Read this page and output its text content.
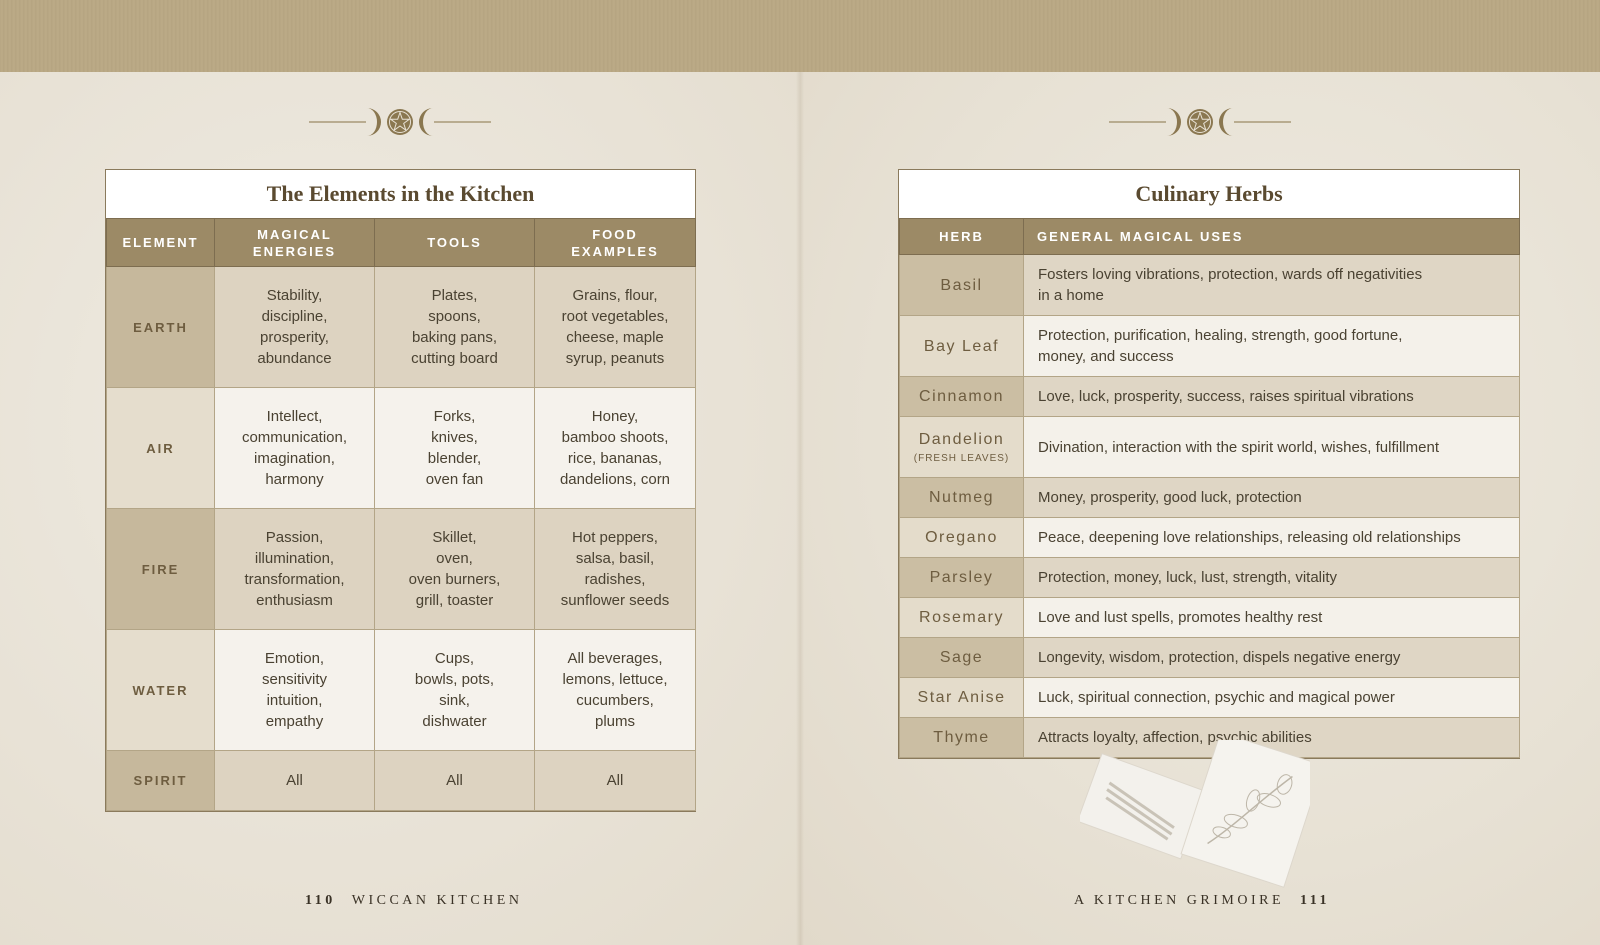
The Elements in the Kitchen
ELEMENT	MAGICAL
ENERGIES	TOOLS	FOOD
EXAMPLES
EARTH	Stability,
discipline,
prosperity,
abundance	Plates,
spoons,
baking pans,
cutting board	Grains, flour,
root vegetables,
cheese, maple
syrup, peanuts
AIR	Intellect,
communication,
imagination,
harmony	Forks,
knives,
blender,
oven fan	Honey,
bamboo shoots,
rice, bananas,
dandelions, corn
FIRE	Passion,
illumination,
transformation,
enthusiasm	Skillet,
oven,
oven burners,
grill, toaster	Hot peppers,
salsa, basil,
radishes,
sunflower seeds
WATER	Emotion,
sensitivity
intuition,
empathy	Cups,
bowls, pots,
sink,
dishwater	All beverages,
lemons, lettuce,
cucumbers,
plums
SPIRIT	All	All	All
Culinary Herbs
HERB	GENERAL MAGICAL USES
Basil	Fosters loving vibrations, protection, wards off negativities
in a home
Bay Leaf	Protection, purification, healing, strength, good fortune,
money, and success
Cinnamon	Love, luck, prosperity, success, raises spiritual vibrations
Dandelion
(FRESH LEAVES)	Divination, interaction with the spirit world, wishes, fulfillment
Nutmeg	Money, prosperity, good luck, protection
Oregano	Peace, deepening love relationships, releasing old relationships
Parsley	Protection, money, luck, lust, strength, vitality
Rosemary	Love and lust spells, promotes healthy rest
Sage	Longevity, wisdom, protection, dispels negative energy
Star Anise	Luck, spiritual connection, psychic and magical power
Thyme	Attracts loyalty, affection, psychic abilities
110 WICCAN KITCHEN	A KITCHEN GRIMOIRE 111
